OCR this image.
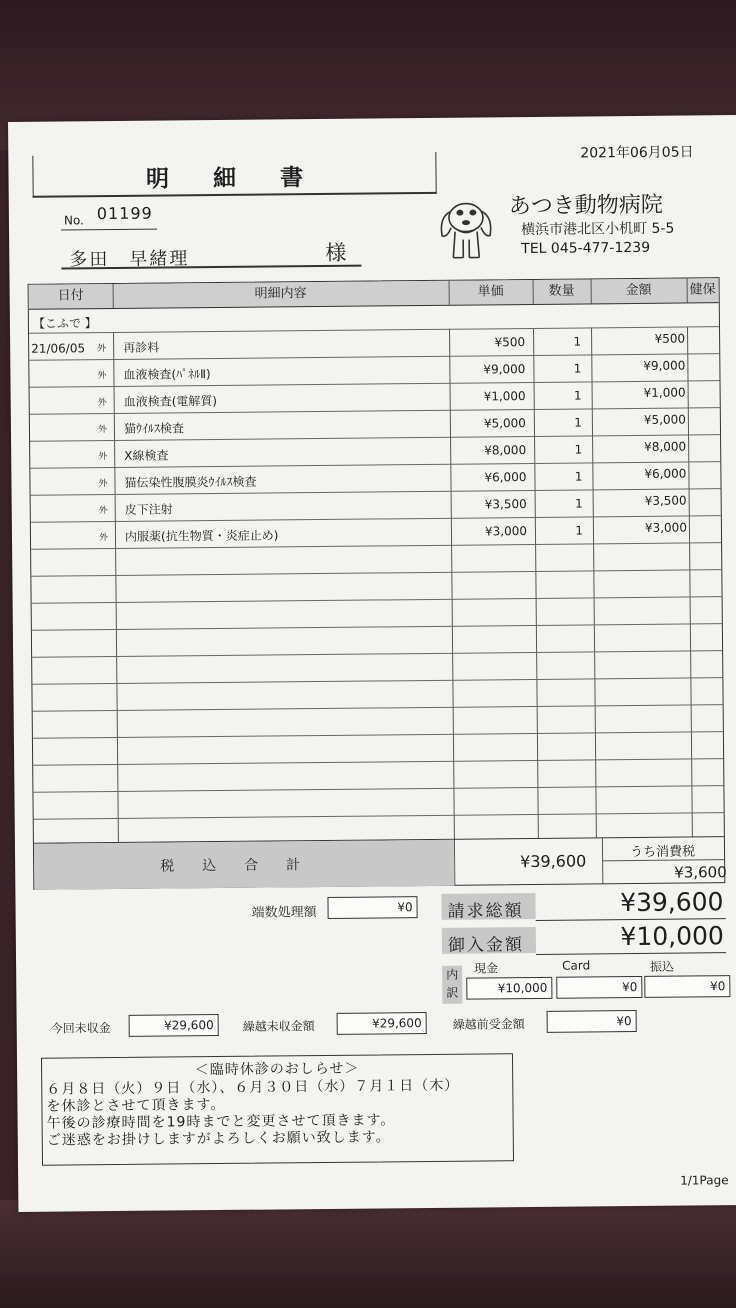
明 細 書
2021年06月05日
No. 01199
多田　早緒理	様
あつき動物病院
横浜市港北区小机町 5-5
TEL 045-477-1239
日付	明細内容	単価	数量	金額	健保
【こふで 】
21/06/05 外 再診料	¥500	1	¥500
外 血液検査(ﾊﾟﾈﾙⅡ)	¥9,000	1	¥9,000
外 血液検査(電解質)	¥1,000	1	¥1,000
外 猫ｳｲﾙｽ検査	¥5,000	1	¥5,000
外 X線検査	¥8,000	1	¥8,000
外 猫伝染性腹膜炎ｳｲﾙｽ検査	¥6,000	1	¥6,000
外 皮下注射	¥3,500	1	¥3,500
外 内服薬(抗生物質・炎症止め)	¥3,000	1	¥3,000
税込合計	¥39,600	うち消費税
¥3,600
端数処理額	¥0 請求総額	¥39,600
御入金額	¥10,000
内訳
現金
¥10,000
Card
¥0
振込
¥0
今回未収金	¥29,600	繰越未収金額	¥29,600	繰越前受金額	¥0
＜臨時休診のおしらせ＞
６月８日（火）９日（水）、６月３０日（水）７月１日（木）
を休診とさせて頂きます。
午後の診療時間を19時までと変更させて頂きます。
ご迷惑をお掛けしますがよろしくお願い致します。
1/1Page
